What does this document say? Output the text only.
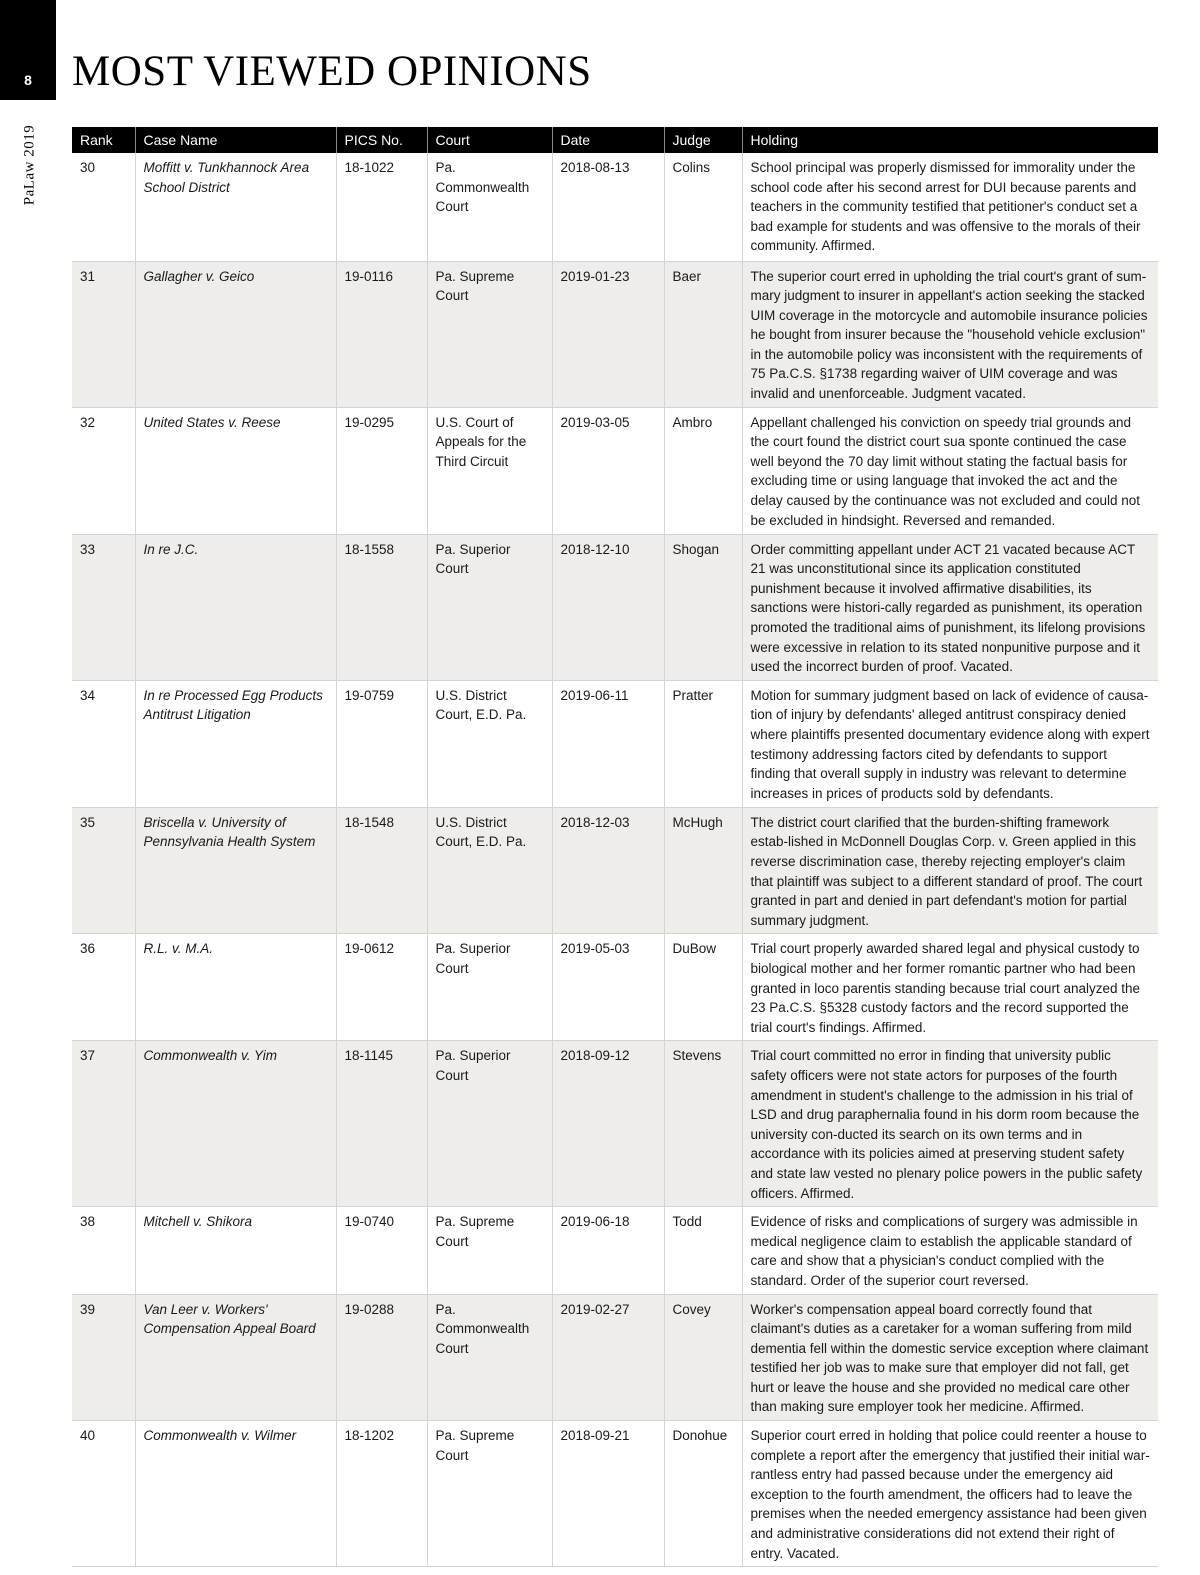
8
PaLaw 2019
MOST VIEWED OPINIONS
Rank	Case Name	PICS No.	Court	Date	Judge	Holding
30	Moffitt v. Tunkhannock Area School District	18-1022	Pa. Commonwealth Court	2018-08-13	Colins	School principal was properly dismissed for immorality under the school code after his second arrest for DUI because parents and teachers in the community testified that petitioner's conduct set a bad example for students and was offensive to the morals of their community. Affirmed.
31	Gallagher v. Geico	19-0116	Pa. Supreme Court	2019-01-23	Baer	The superior court erred in upholding the trial court's grant of sum-mary judgment to insurer in appellant's action seeking the stacked UIM coverage in the motorcycle and automobile insurance policies he bought from insurer because the "household vehicle exclusion" in the automobile policy was inconsistent with the requirements of 75 Pa.C.S. §1738 regarding waiver of UIM coverage and was invalid and unenforceable. Judgment vacated.
32	United States v. Reese	19-0295	U.S. Court of Appeals for the Third Circuit	2019-03-05	Ambro	Appellant challenged his conviction on speedy trial grounds and the court found the district court sua sponte continued the case well beyond the 70 day limit without stating the factual basis for excluding time or using language that invoked the act and the delay caused by the continuance was not excluded and could not be excluded in hindsight. Reversed and remanded.
33	In re J.C.	18-1558	Pa. Superior Court	2018-12-10	Shogan	Order committing appellant under ACT 21 vacated because ACT 21 was unconstitutional since its application constituted punishment because it involved affirmative disabilities, its sanctions were histori-cally regarded as punishment, its operation promoted the traditional aims of punishment, its lifelong provisions were excessive in relation to its stated nonpunitive purpose and it used the incorrect burden of proof. Vacated.
34	In re Processed Egg Products Antitrust Litigation	19-0759	U.S. District Court, E.D. Pa.	2019-06-11	Pratter	Motion for summary judgment based on lack of evidence of causa-tion of injury by defendants' alleged antitrust conspiracy denied where plaintiffs presented documentary evidence along with expert testimony addressing factors cited by defendants to support finding that overall supply in industry was relevant to determine increases in prices of products sold by defendants.
35	Briscella v. University of Pennsylvania Health System	18-1548	U.S. District Court, E.D. Pa.	2018-12-03	McHugh	The district court clarified that the burden-shifting framework estab-lished in McDonnell Douglas Corp. v. Green applied in this reverse discrimination case, thereby rejecting employer's claim that plaintiff was subject to a different standard of proof. The court granted in part and denied in part defendant's motion for partial summary judgment.
36	R.L. v. M.A.	19-0612	Pa. Superior Court	2019-05-03	DuBow	Trial court properly awarded shared legal and physical custody to biological mother and her former romantic partner who had been granted in loco parentis standing because trial court analyzed the 23 Pa.C.S. §5328 custody factors and the record supported the trial court's findings. Affirmed.
37	Commonwealth v. Yim	18-1145	Pa. Superior Court	2018-09-12	Stevens	Trial court committed no error in finding that university public safety officers were not state actors for purposes of the fourth amendment in student's challenge to the admission in his trial of LSD and drug paraphernalia found in his dorm room because the university con-ducted its search on its own terms and in accordance with its policies aimed at preserving student safety and state law vested no plenary police powers in the public safety officers. Affirmed.
38	Mitchell v. Shikora	19-0740	Pa. Supreme Court	2019-06-18	Todd	Evidence of risks and complications of surgery was admissible in medical negligence claim to establish the applicable standard of care and show that a physician's conduct complied with the standard. Order of the superior court reversed.
39	Van Leer v. Workers' Compensation Appeal Board	19-0288	Pa. Commonwealth Court	2019-02-27	Covey	Worker's compensation appeal board correctly found that claimant's duties as a caretaker for a woman suffering from mild dementia fell within the domestic service exception where claimant testified her job was to make sure that employer did not fall, get hurt or leave the house and she provided no medical care other than making sure employer took her medicine. Affirmed.
40	Commonwealth v. Wilmer	18-1202	Pa. Supreme Court	2018-09-21	Donohue	Superior court erred in holding that police could reenter a house to complete a report after the emergency that justified their initial war-rantless entry had passed because under the emergency aid exception to the fourth amendment, the officers had to leave the premises when the needed emergency assistance had been given and administrative considerations did not extend their right of entry. Vacated.
